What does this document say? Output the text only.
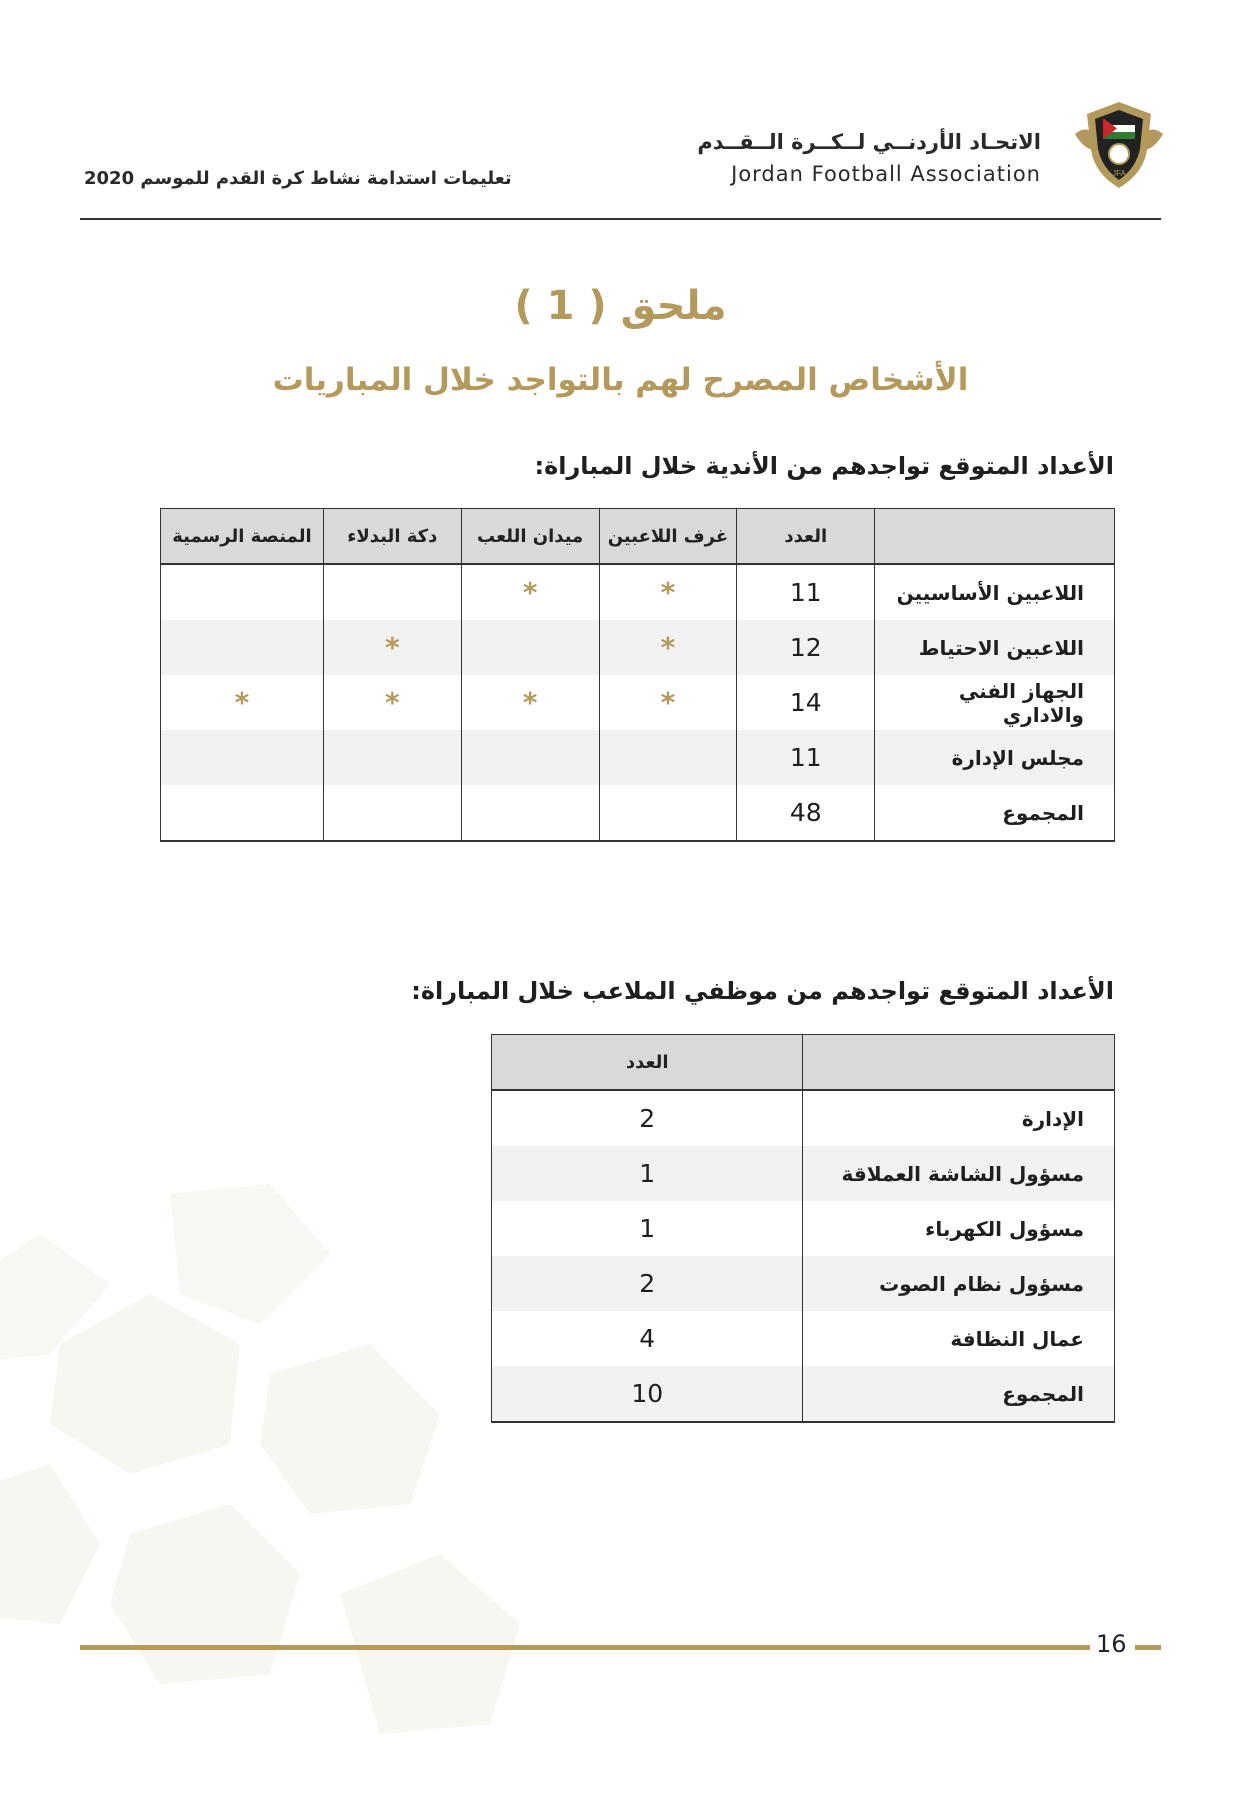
JFA
الاتحـاد الأردنــي لــكــرة الــقــدم
Jordan Football Association
تعليمات استدامة نشاط كرة القدم للموسم 2020
ملحق ( 1 )
الأشخاص المصرح لهم بالتواجد خلال المباريات
الأعداد المتوقع تواجدهم من الأندية خلال المباراة:
	العدد	غرف اللاعبين	ميدان اللعب	دكة البدلاء	المنصة الرسمية
اللاعبين الأساسيين	11	*	*		
اللاعبين الاحتياط	12	*		*	
الجهاز الفني والاداري	14	*	*	*	*
مجلس الإدارة	11				
المجموع	48				
الأعداد المتوقع تواجدهم من موظفي الملاعب خلال المباراة:
	العدد
الإدارة	2
مسؤول الشاشة العملاقة	1
مسؤول الكهرباء	1
مسؤول نظام الصوت	2
عمال النظافة	4
المجموع	10
16
